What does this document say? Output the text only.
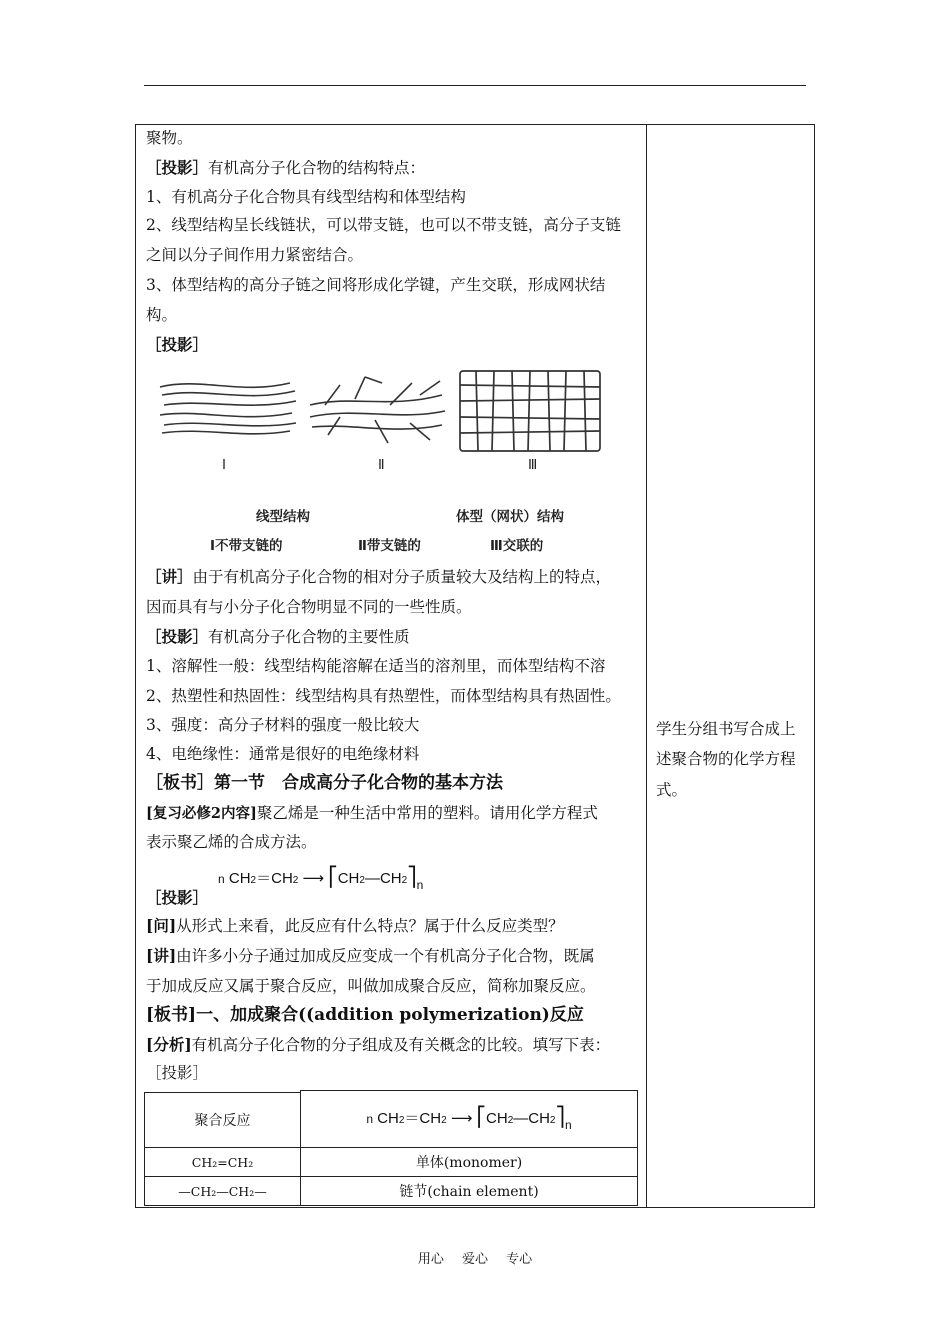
聚物。
［投影］有机高分子化合物的结构特点：
1、有机高分子化合物具有线型结构和体型结构
2、线型结构呈长线链状，可以带支链，也可以不带支链，高分子支链
之间以分子间作用力紧密结合。
3、体型结构的高分子链之间将形成化学键，产生交联，形成网状结
构。
［投影］
Ⅰ	Ⅱ	Ⅲ
线型结构	体型（网状）结构
Ⅰ不带支链的	Ⅱ带支链的	Ⅲ交联的
［讲］由于有机高分子化合物的相对分子质量较大及结构上的特点，
因而具有与小分子化合物明显不同的一些性质。
［投影］有机高分子化合物的主要性质
1、溶解性一般：线型结构能溶解在适当的溶剂里，而体型结构不溶
2、热塑性和热固性：线型结构具有热塑性，而体型结构具有热固性。
3、强度：高分子材料的强度一般比较大
4、电绝缘性：通常是很好的电绝缘材料
［板书］第一节　合成高分子化合物的基本方法
[复习必修2内容]聚乙烯是一种生活中常用的塑料。请用化学方程式
表示聚乙烯的合成方法。
n CH2＝CH2 ⟶ $⎡CH2—CH2⎤_n$
［投影］
[问]从形式上来看，此反应有什么特点？属于什么反应类型？
[讲]由许多小分子通过加成反应变成一个有机高分子化合物，既属
于加成反应又属于聚合反应，叫做加成聚合反应，简称加聚反应。
[板书]一、加成聚合((addition polymerization)反应
[分析]有机高分子化合物的分子组成及有关概念的比较。填写下表：
［投影］
聚合反应	n CH2＝CH2 ⟶ $⎡CH2—CH2⎤_n$
CH₂=CH₂	单体(monomer)
—CH₂—CH₂—	链节(chain element)
学生分组书写合成上
述聚合物的化学方程
式。
用心 爱心 专心
